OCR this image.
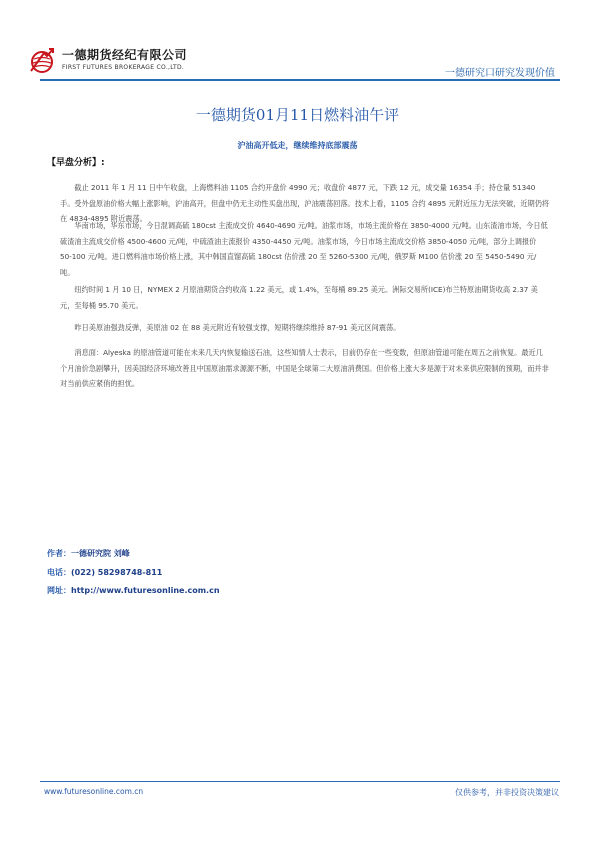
一德期货经纪有限公司
FIRST FUTURES BROKERAGE CO.,LTD.
一德研究口研究发现价值
一德期货01月11日燃料油午评
沪油高开低走，继续维持底部震荡
【早盘分析】:

截止 2011 年 1 月 11 日中午收盘，上海燃料油 1105 合约开盘价 4990 元；收盘价 4877 元，下跌 12 元，成交量 16354 手；持仓量 51340 手。受外盘原油价格大幅上涨影响，沪油高开，但盘中仍无主动性买盘出现，沪油震荡回落。技术上看，1105 合约 4895 元附近压力无法突破，近期仍将在 4834-4895 附近震荡。

华南市场，华东市场，今日混调高硫 180cst 主流成交价 4640-4690 元/吨。油浆市场，市场主流价格在 3850-4000 元/吨。山东渣油市场，今日低硫渣油主流成交价格 4500-4600 元/吨，中硫渣油主流报价 4350-4450 元/吨。油浆市场，今日市场主流成交价格 3850-4050 元/吨，部分上调报价 50-100 元/吨。进口燃料油市场价格上涨，其中韩国直馏高硫 180cst 估价涨 20 至 5260-5300 元/吨，俄罗斯 M100 估价涨 20 至 5450-5490 元/吨。

纽约时间 1 月 10 日，NYMEX 2 月原油期货合约收高 1.22 美元，或 1.4%，至每桶 89.25 美元。洲际交易所(ICE)布兰特原油期货收高 2.37 美元，至每桶 95.70 美元。

昨日美原油强劲反弹，美原油 02 在 88 美元附近有较强支撑，短期将继续维持 87-91 美元区间震荡。

消息面：Alyeska 的原油管道可能在未来几天内恢复输送石油，这些知情人士表示，目前仍存在一些变数，但原油管道可能在周五之前恢复。最近几个月油价急剧攀升，因美国经济环境改善且中国原油需求源源不断，中国是全球第二大原油消费国。但价格上涨大多是源于对未来供应限制的预期，而并非对当前供应紧俏的担忧。

作者：一德研究院 刘峰
电话：(022) 58298748-811
网址：http://www.futuresonline.com.cn
www.futuresonline.com.cn	仅供参考，并非投资决策建议
